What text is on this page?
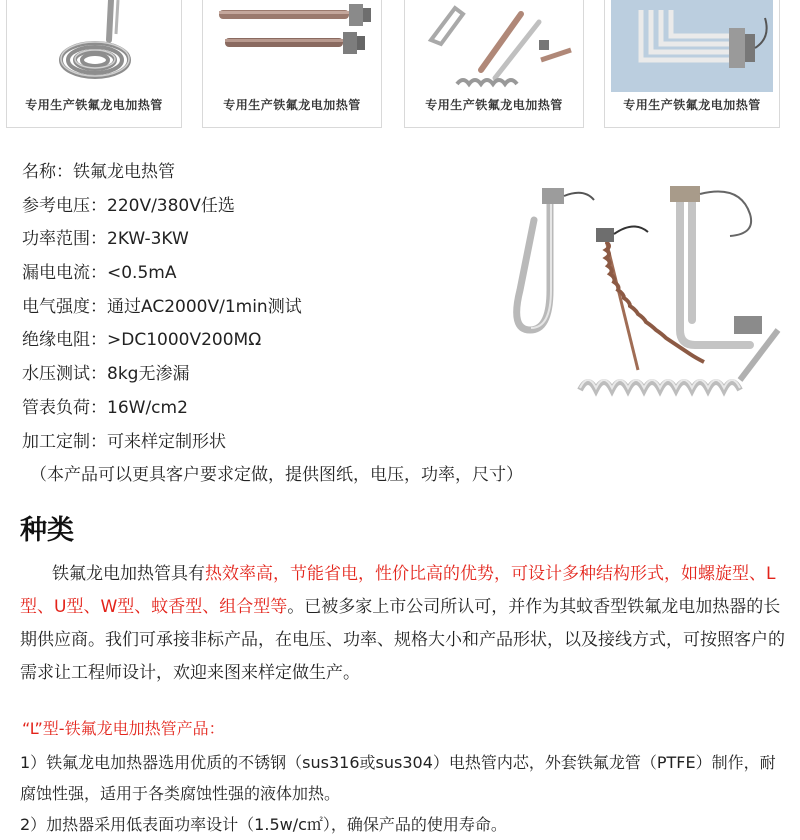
专用生产铁氟龙电加热管	专用生产铁氟龙电加热管	专用生产铁氟龙电加热管	专用生产铁氟龙电加热管
名称：铁氟龙电热管
参考电压：220V/380V任选
功率范围：2KW-3KW
漏电电流：<0.5mA
电气强度：通过AC2000V/1min测试
绝缘电阻：>DC1000V200MΩ
水压测试：8kg无渗漏
管表负荷：16W/cm2
加工定制：可来样定制形状
（本产品可以更具客户要求定做，提供图纸，电压，功率，尺寸）
种类
铁氟龙电加热管具有热效率高，节能省电，性价比高的优势，可设计多种结构形式，如螺旋型、L型、U型、W型、蚊香型、组合型等。已被多家上市公司所认可，并作为其蚊香型铁氟龙电加热器的长期供应商。我们可承接非标产品，在电压、功率、规格大小和产品形状，以及接线方式，可按照客户的需求让工程师设计，欢迎来图来样定做生产。
“L”型-铁氟龙电加热管产品：
1）铁氟龙电加热器选用优质的不锈钢（sus316或sus304）电热管内芯，外套铁氟龙管（PTFE）制作，耐腐蚀性强，适用于各类腐蚀性强的液体加热。
2）加热器采用低表面功率设计（1.5w/c㎡），确保产品的使用寿命。
